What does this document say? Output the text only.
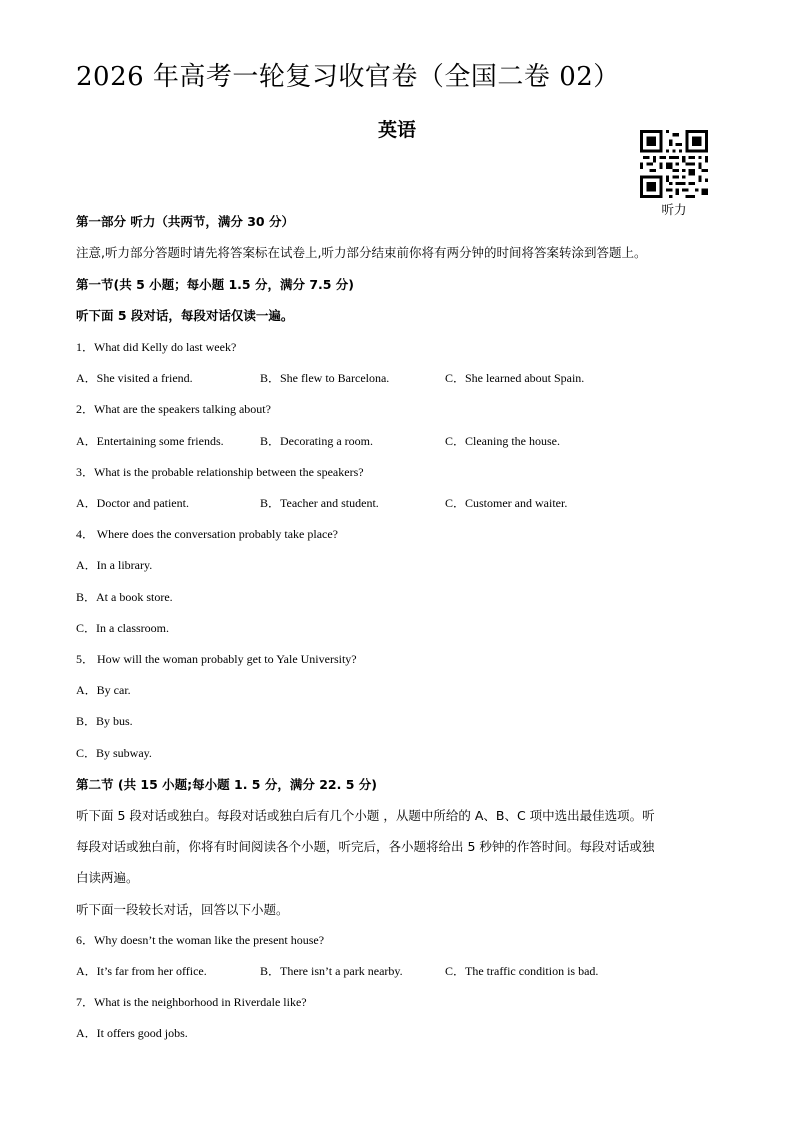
2026 年高考一轮复习收官卷（全国二卷 02）
英语
听力
第一部分 听力（共两节，满分 30 分）
注意,听力部分答题时请先将答案标在试卷上,听力部分结束前你将有两分钟的时间将答案转涂到答题上。
第一节(共 5 小题；每小题 1.5 分，满分 7.5 分)
听下面 5 段对话，每段对话仅读一遍。
1．What did Kelly do last week?
A．She visited a friend.	B．She flew to Barcelona.	C．She learned about Spain.
2．What are the speakers talking about?
A．Entertaining some friends.	B．Decorating a room.	C．Cleaning the house.
3．What is the probable relationship between the speakers?
A．Doctor and patient.	B．Teacher and student.	C．Customer and waiter.
4． Where does the conversation probably take place?
A．In a library.
B．At a book store.
C．In a classroom.
5． How will the woman probably get to Yale University?
A．By car.
B．By bus.
C．By subway.
第二节 (共 15 小题;每小题 1. 5 分，满分 22. 5 分)
听下面 5 段对话或独白。每段对话或独白后有几个小题 ，从题中所给的 A、B、C 项中选出最佳选项。听
每段对话或独白前，你将有时间阅读各个小题，听完后，各小题将给出 5 秒钟的作答时间。每段对话或独
白读两遍。
听下面一段较长对话，回答以下小题。
6．Why doesn’t the woman like the present house?
A．It’s far from her office.	B．There isn’t a park nearby.	C．The traffic condition is bad.
7．What is the neighborhood in Riverdale like?
A．It offers good jobs.
